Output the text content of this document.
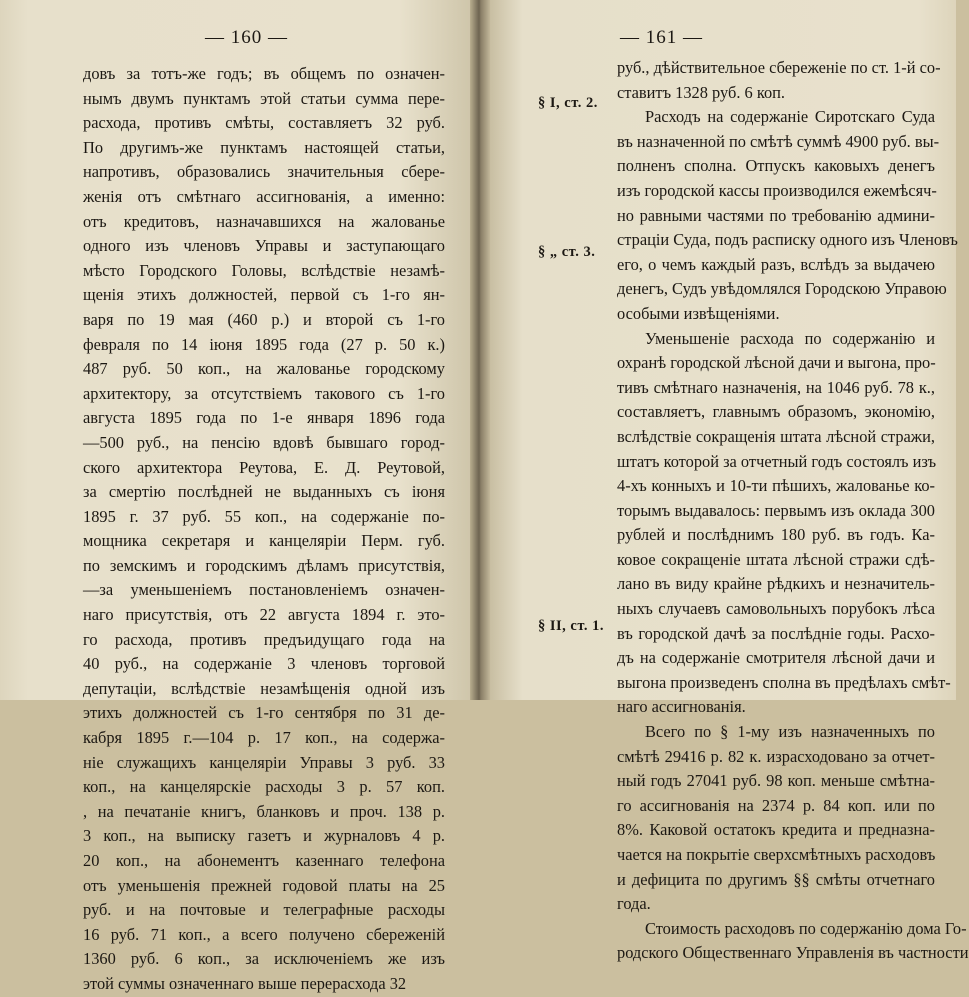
— 160 —
довъ за тотъ-же годъ; въ общемъ по означен-
нымъ двумъ пунктамъ этой статьи сумма пере-
расхода, противъ смѣты, составляетъ 32 руб.
По другимъ-же пунктамъ настоящей статьи,
напротивъ, образовались значительныя сбере-
женія отъ смѣтнаго ассигнованія, а именно:
отъ кредитовъ, назначавшихся на жалованье
одного изъ членовъ Управы и заступающаго
мѣсто Городского Головы, вслѣдствіе незамѣ-
щенія этихъ должностей, первой съ 1-го ян-
варя по 19 мая (460 р.) и второй съ 1-го
февраля по 14 іюня 1895 года (27 р. 50 к.)
487 руб. 50 коп., на жалованье городскому
архитектору, за отсутствіемъ такового съ 1-го
августа 1895 года по 1-е января 1896 года
—500 руб., на пенсію вдовѣ бывшаго город-
ского архитектора Реутова, Е. Д. Реутовой,
за смертію послѣдней не выданныхъ съ іюня
1895 г. 37 руб. 55 коп., на содержаніе по-
мощника секретаря и канцеляріи Перм. губ.
по земскимъ и городскимъ дѣламъ присутствія,
—за уменьшеніемъ постановленіемъ означен-
наго присутствія, отъ 22 августа 1894 г. это-
го расхода, противъ предъидущаго года на
40 руб., на содержаніе 3 членовъ торговой
депутаціи, вслѣдствіе незамѣщенія одной изъ
этихъ должностей съ 1-го сентября по 31 де-
кабря 1895 г.—104 р. 17 коп., на содержа-
ніе служащихъ канцеляріи Управы 3 руб. 33
коп., на канцелярскіе расходы 3 р. 57 коп.
, на печатаніе книгъ, бланковъ и проч. 138 р.
3 коп., на выписку газетъ и журналовъ 4 р.
20 коп., на абонементъ казеннаго телефона
отъ уменьшенія прежней годовой платы на 25
руб. и на почтовые и телеграфные расходы
16 руб. 71 коп., а всего получено сбереженій
1360 руб. 6 коп., за исключеніемъ же изъ
этой суммы означеннаго выше перерасхода 32
— 161 —
§ I, ст. 2.
§ „ ст. 3.
§ II, ст. 1.
руб., дѣйствительное сбереженіе по ст. 1-й со-
ставитъ 1328 руб. 6 коп.
Расходъ на содержаніе Сиротскаго Суда
въ назначенной по смѣтѣ суммѣ 4900 руб. вы-
полненъ сполна. Отпускъ каковыхъ денегъ
изъ городской кассы производился ежемѣсяч-
но равными частями по требованію админи-
страціи Суда, подъ расписку одного изъ Членовъ
его, о чемъ каждый разъ, вслѣдъ за выдачею
денегъ, Судъ увѣдомлялся Городскою Управою
особыми извѣщеніями.
Уменьшеніе расхода по содержанію и
охранѣ городской лѣсной дачи и выгона, про-
тивъ смѣтнаго назначенія, на 1046 руб. 78 к.,
составляетъ, главнымъ образомъ, экономію,
вслѣдствіе сокращенія штата лѣсной стражи,
штатъ которой за отчетный годъ состоялъ изъ
4-хъ конныхъ и 10-ти пѣшихъ, жалованье ко-
торымъ выдавалось: первымъ изъ оклада 300
рублей и послѣднимъ 180 руб. въ годъ. Ка-
ковое сокращеніе штата лѣсной стражи сдѣ-
лано въ виду крайне рѣдкихъ и незначитель-
ныхъ случаевъ самовольныхъ порубокъ лѣса
въ городской дачѣ за послѣдніе годы. Расхо-
дъ на содержаніе смотрителя лѣсной дачи и
выгона произведенъ сполна въ предѣлахъ смѣт-
наго ассигнованія.
Всего по § 1-му изъ назначенныхъ по
смѣтѣ 29416 р. 82 к. израсходовано за отчет-
ный годъ 27041 руб. 98 коп. меньше смѣтна-
го ассигнованія на 2374 р. 84 коп. или по
8%. Каковой остатокъ кредита и предназна-
чается на покрытіе сверхсмѣтныхъ расходовъ
и дефицита по другимъ §§ смѣты отчетнаго
года.
Стоимость расходовъ по содержанію дома Го-
родского Общественнаго Управленія въ частности
